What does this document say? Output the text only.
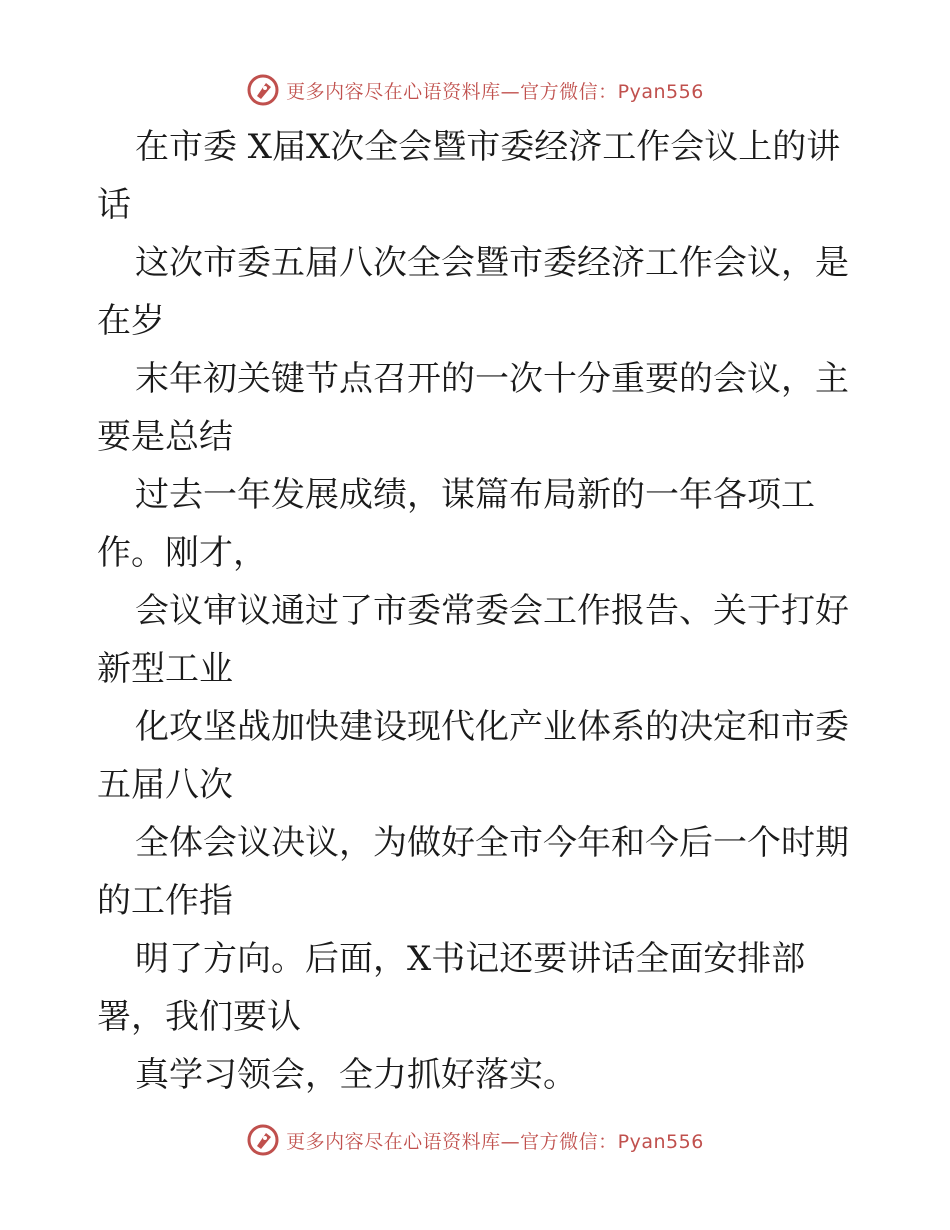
更多内容尽在心语资料库—官方微信：Pyan556
在市委 X届X次全会暨市委经济工作会议上的讲
话
这次市委五届八次全会暨市委经济工作会议，是
在岁
末年初关键节点召开的一次十分重要的会议，主
要是总结
过去一年发展成绩，谋篇布局新的一年各项工
作。刚才，
会议审议通过了市委常委会工作报告、关于打好
新型工业
化攻坚战加快建设现代化产业体系的决定和市委
五届八次
全体会议决议，为做好全市今年和今后一个时期
的工作指
明了方向。后面，X书记还要讲话全面安排部
署，我们要认
真学习领会，全力抓好落实。
更多内容尽在心语资料库—官方微信：Pyan556
